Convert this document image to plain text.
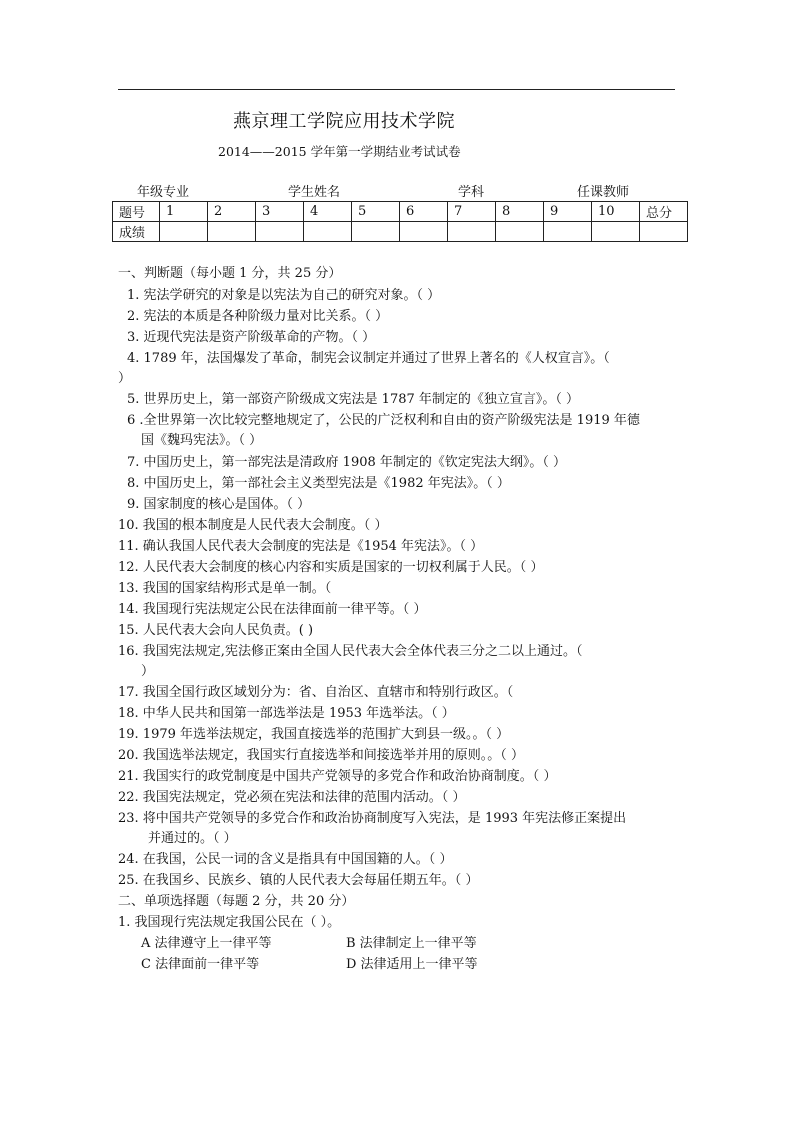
燕京理工学院应用技术学院
2014——2015 学年第一学期结业考试试卷
年级专业	学生姓名	学科	任课教师
题号	1	2	3	4	5	6	7	8	9	10	总分
成绩											
一、判断题（每小题 1 分，共 25 分）
1. 宪法学研究的对象是以宪法为自己的研究对象。（ ）
2. 宪法的本质是各种阶级力量对比关系。（ ）
3. 近现代宪法是资产阶级革命的产物。（ ）
4. 1789 年，法国爆发了革命，制宪会议制定并通过了世界上著名的《人权宣言》。（
）
5. 世界历史上，第一部资产阶级成文宪法是 1787 年制定的《独立宣言》。（ ）
6 .全世界第一次比较完整地规定了，公民的广泛权利和自由的资产阶级宪法是 1919 年德
国《魏玛宪法》。（ ）
7. 中国历史上，第一部宪法是清政府 1908 年制定的《钦定宪法大纲》。（ ）
8. 中国历史上，第一部社会主义类型宪法是《1982 年宪法》。（ ）
9. 国家制度的核心是国体。（ ）
10. 我国的根本制度是人民代表大会制度。（ ）
11. 确认我国人民代表大会制度的宪法是《1954 年宪法》。（ ）
12. 人民代表大会制度的核心内容和实质是国家的一切权利属于人民。（ ）
13. 我国的国家结构形式是单一制。（
14. 我国现行宪法规定公民在法律面前一律平等。（ ）
15. 人民代表大会向人民负责。( )
16. 我国宪法规定,宪法修正案由全国人民代表大会全体代表三分之二以上通过。（
）
17. 我国全国行政区域划分为：省、自治区、直辖市和特别行政区。（
18. 中华人民共和国第一部选举法是 1953 年选举法。（ ）
19. 1979 年选举法规定，我国直接选举的范围扩大到县一级。。（ ）
20. 我国选举法规定，我国实行直接选举和间接选举并用的原则。。（ ）
21. 我国实行的政党制度是中国共产党领导的多党合作和政治协商制度。（ ）
22. 我国宪法规定，党必须在宪法和法律的范围内活动。（ ）
23. 将中国共产党领导的多党合作和政治协商制度写入宪法，是 1993 年宪法修正案提出
并通过的。（ ）
24. 在我国，公民一词的含义是指具有中国国籍的人。（ ）
25. 在我国乡、民族乡、镇的人民代表大会每届任期五年。（ ）
二、单项选择题（每题 2 分，共 20 分）
1. 我国现行宪法规定我国公民在（ ）。
A 法律遵守上一律平等	B 法律制定上一律平等
C 法律面前一律平等	D 法律适用上一律平等
